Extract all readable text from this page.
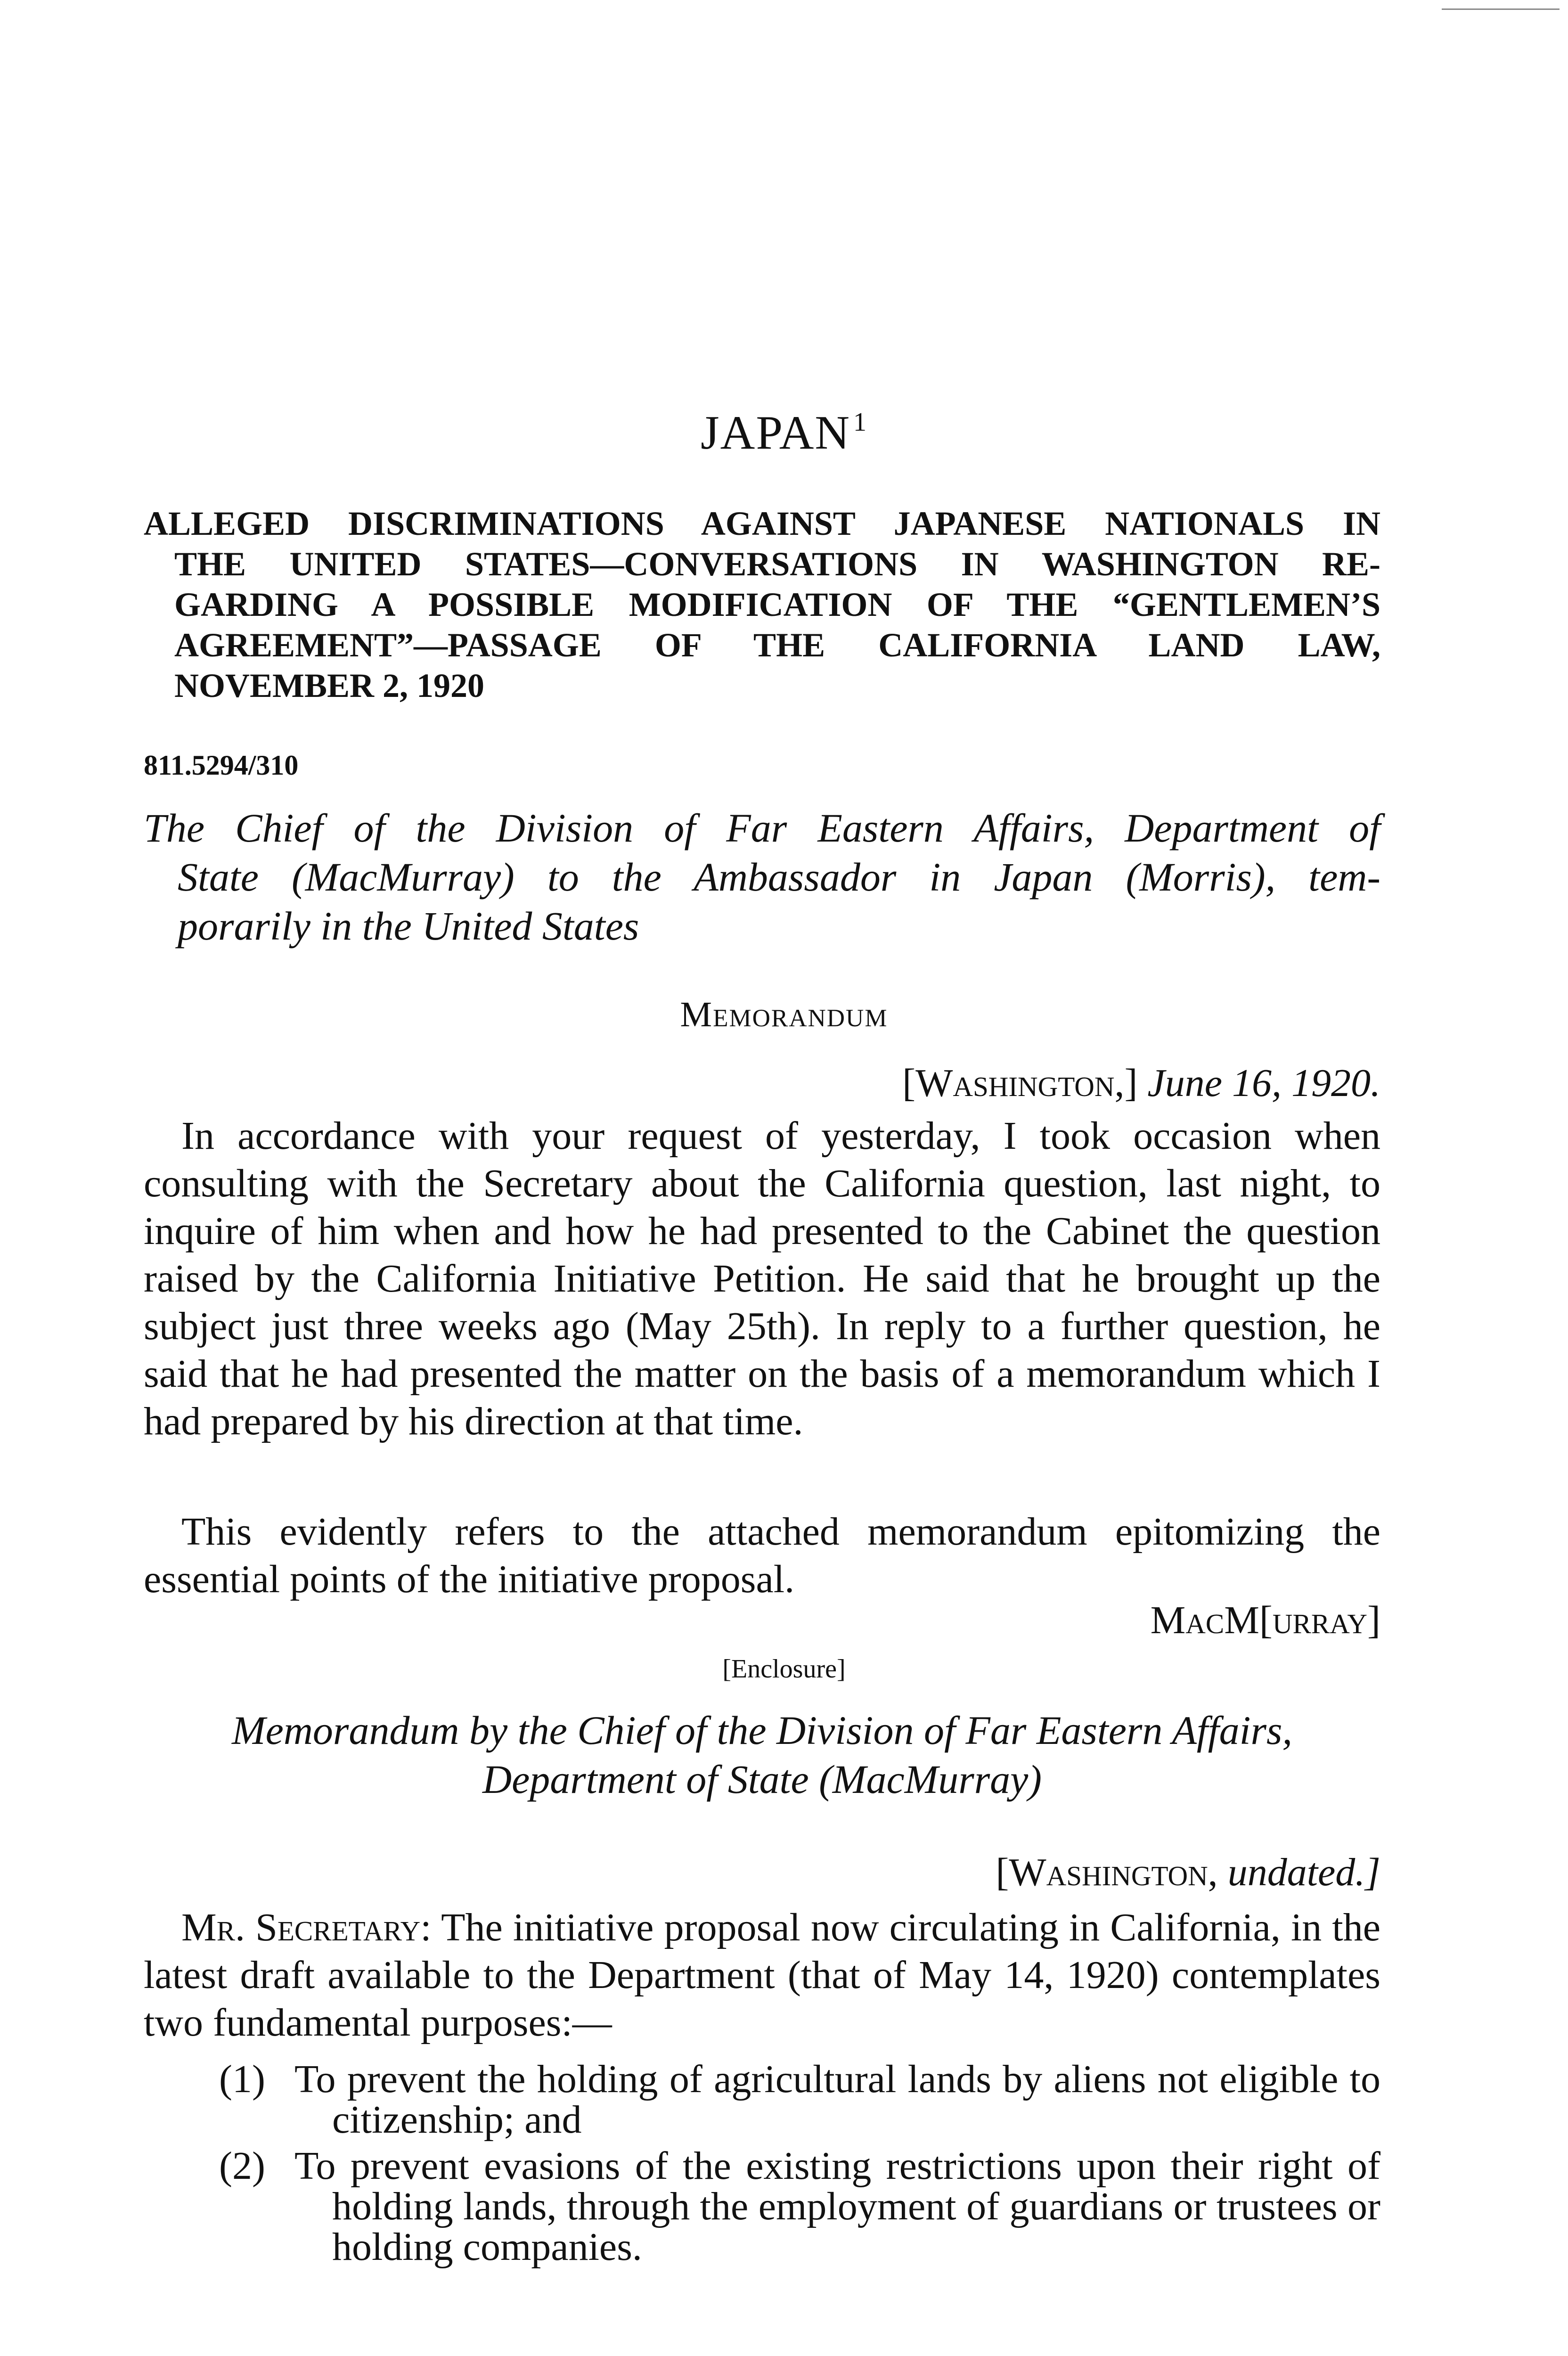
JAPAN $^1$
ALLEGED DISCRIMINATIONS AGAINST JAPANESE NATIONALS IN
THE UNITED STATES—CONVERSATIONS IN WASHINGTON RE-
GARDING A POSSIBLE MODIFICATION OF THE “GENTLEMEN’S
AGREEMENT”—PASSAGE OF THE CALIFORNIA LAND LAW,
NOVEMBER 2, 1920
811.5294/310
The Chief of the Division of Far Eastern Affairs, Department of
State (MacMurray) to the Ambassador in Japan (Morris), tem-
porarily in the United States
Memorandum
[Washington,] June 16, 1920.
In accordance with your request of yesterday, I took occasion when consulting with the Secretary about the California question, last night, to inquire of him when and how he had presented to the Cabinet the question raised by the California Initiative Petition. He said that he brought up the subject just three weeks ago (May 25th). In reply to a further question, he said that he had presented the matter on the basis of a memorandum which I had prepared by his direction at that time.
This evidently refers to the attached memorandum epitomizing the essential points of the initiative proposal.
MacM[urray]
[Enclosure]
Memorandum by the Chief of the Division of Far Eastern Affairs,
Department of State (MacMurray)
[Washington, undated.]
Mr. Secretary: The initiative proposal now circulating in California, in the latest draft available to the Department (that of May 14, 1920) contemplates two fundamental purposes:—
(1) To prevent the holding of agricultural lands by aliens not eligible to citizenship; and
(2) To prevent evasions of the existing restrictions upon their right of holding lands, through the employment of guardians or trustees or holding companies.
